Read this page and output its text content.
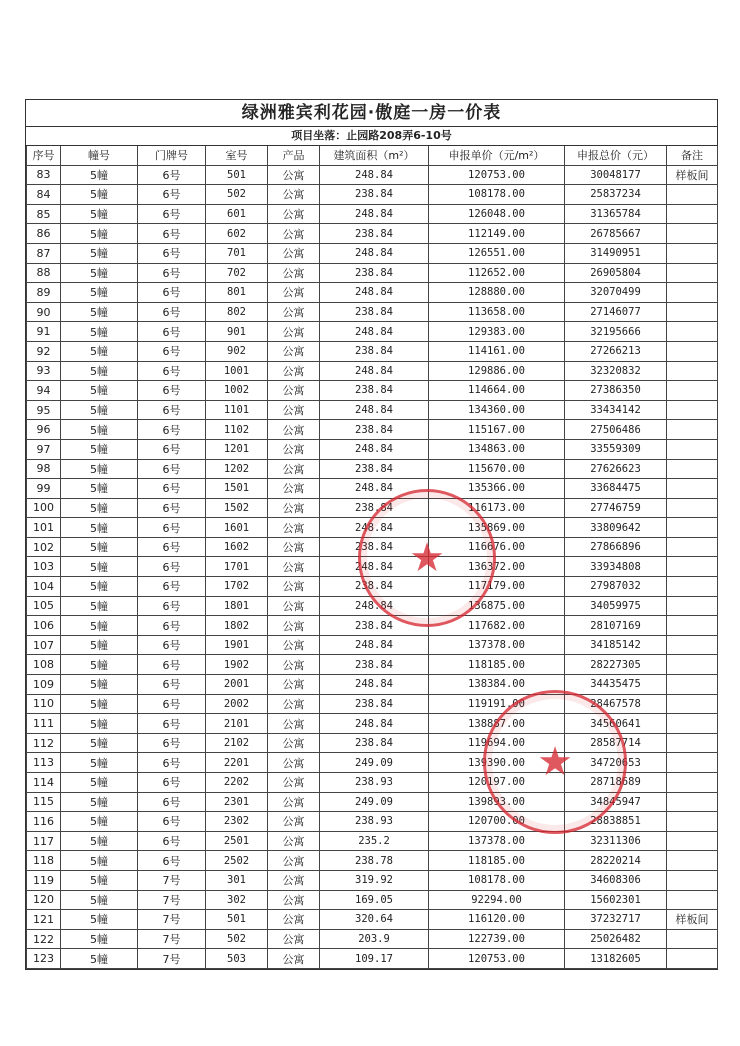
绿洲雅宾利花园·傲庭一房一价表
项目坐落：止园路208弄6-10号
序号	幢号	门牌号	室号	产品	建筑面积（m²）	申报单价（元/m²）	申报总价（元）	备注
83	5幢	6号	501	公寓	248.84	120753.00	30048177	样板间
84	5幢	6号	502	公寓	238.84	108178.00	25837234	
85	5幢	6号	601	公寓	248.84	126048.00	31365784	
86	5幢	6号	602	公寓	238.84	112149.00	26785667	
87	5幢	6号	701	公寓	248.84	126551.00	31490951	
88	5幢	6号	702	公寓	238.84	112652.00	26905804	
89	5幢	6号	801	公寓	248.84	128880.00	32070499	
90	5幢	6号	802	公寓	238.84	113658.00	27146077	
91	5幢	6号	901	公寓	248.84	129383.00	32195666	
92	5幢	6号	902	公寓	238.84	114161.00	27266213	
93	5幢	6号	1001	公寓	248.84	129886.00	32320832	
94	5幢	6号	1002	公寓	238.84	114664.00	27386350	
95	5幢	6号	1101	公寓	248.84	134360.00	33434142	
96	5幢	6号	1102	公寓	238.84	115167.00	27506486	
97	5幢	6号	1201	公寓	248.84	134863.00	33559309	
98	5幢	6号	1202	公寓	238.84	115670.00	27626623	
99	5幢	6号	1501	公寓	248.84	135366.00	33684475	
100	5幢	6号	1502	公寓	238.84	116173.00	27746759	
101	5幢	6号	1601	公寓	248.84	135869.00	33809642	
102	5幢	6号	1602	公寓	238.84	116676.00	27866896	
103	5幢	6号	1701	公寓	248.84	136372.00	33934808	
104	5幢	6号	1702	公寓	238.84	117179.00	27987032	
105	5幢	6号	1801	公寓	248.84	136875.00	34059975	
106	5幢	6号	1802	公寓	238.84	117682.00	28107169	
107	5幢	6号	1901	公寓	248.84	137378.00	34185142	
108	5幢	6号	1902	公寓	238.84	118185.00	28227305	
109	5幢	6号	2001	公寓	248.84	138384.00	34435475	
110	5幢	6号	2002	公寓	238.84	119191.00	28467578	
111	5幢	6号	2101	公寓	248.84	138887.00	34560641	
112	5幢	6号	2102	公寓	238.84	119694.00	28587714	
113	5幢	6号	2201	公寓	249.09	139390.00	34720653	
114	5幢	6号	2202	公寓	238.93	120197.00	28718689	
115	5幢	6号	2301	公寓	249.09	139893.00	34845947	
116	5幢	6号	2302	公寓	238.93	120700.00	28838851	
117	5幢	6号	2501	公寓	235.2	137378.00	32311306	
118	5幢	6号	2502	公寓	238.78	118185.00	28220214	
119	5幢	7号	301	公寓	319.92	108178.00	34608306	
120	5幢	7号	302	公寓	169.05	92294.00	15602301	
121	5幢	7号	501	公寓	320.64	116120.00	37232717	样板间
122	5幢	7号	502	公寓	203.9	122739.00	25026482	
123	5幢	7号	503	公寓	109.17	120753.00	13182605	
★
★
